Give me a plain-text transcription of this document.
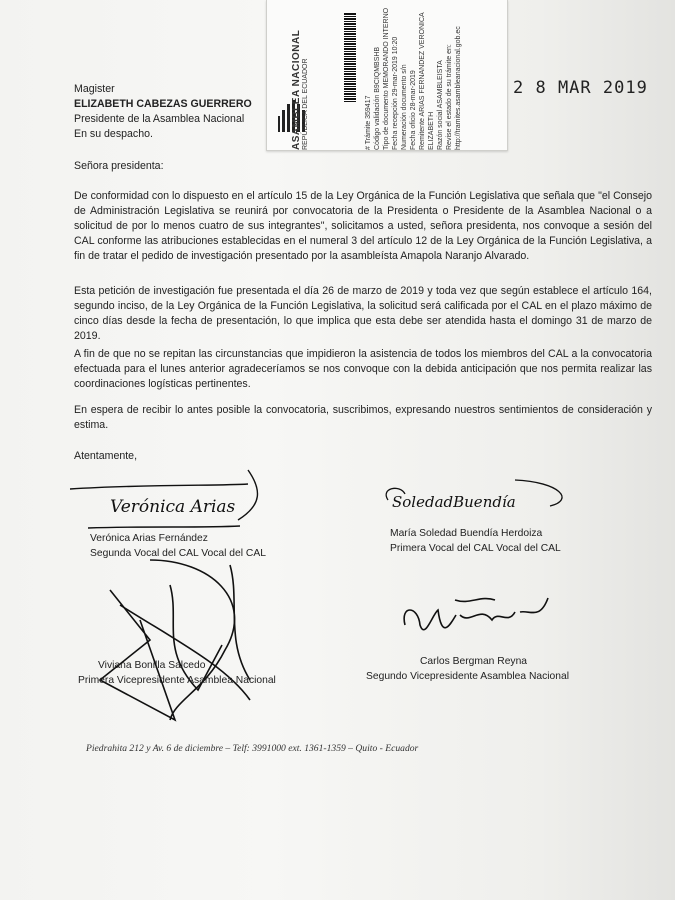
ASAMBLEA NACIONAL REPÚBLICA DEL ECUADOR	# Trámite 359417 Código validación B9CIQMBSHB Tipo de documento MEMORANDO INTERNO Fecha recepción 29-mar-2019 10:20 Numeración documento s/n Fecha oficio 28-mar-2019 Remitente ARIAS FERNANDEZ VERONICA ELIZABETH Razón social ASAMBLEISTA Revise el estado de su trámite en: http://tramites.asambleanacional.gob.ec	2 8 MAR 2019
Magister
ELIZABETH CABEZAS GUERRERO
Presidente de la Asamblea Nacional
En su despacho.
Señora presidenta:
De conformidad con lo dispuesto en el artículo 15 de la Ley Orgánica de la Función Legislativa que señala que "el Consejo de Administración Legislativa se reunirá por convocatoria de la Presidenta o Presidente de la Asamblea Nacional o a solicitud de por lo menos cuatro de sus integrantes", solicitamos a usted, señora presidenta, nos convoque a sesión del CAL conforme las atribuciones establecidas en el numeral 3 del artículo 12 de la Ley Orgánica de la Función Legislativa, a fin de tratar el pedido de investigación presentado por la asambleísta Amapola Naranjo Alvarado.
Esta petición de investigación fue presentada el día 26 de marzo de 2019 y toda vez que según establece el artículo 164, segundo inciso, de la Ley Orgánica de la Función Legislativa, la solicitud será calificada por el CAL en el plazo máximo de cinco días desde la fecha de presentación, lo que implica que esta debe ser atendida hasta el domingo 31 de marzo de 2019.
A fin de que no se repitan las circunstancias que impidieron la asistencia de todos los miembros del CAL a la convocatoria efectuada para el lunes anterior agradeceríamos se nos convoque con la debida anticipación que nos permita realizar las coordinaciones logísticas pertinentes.
En espera de recibir lo antes posible la convocatoria, suscribimos, expresando nuestros sentimientos de consideración y estima.
Atentamente,
Verónica Arias	SoledadBuendía
Verónica Arias Fernández
Segunda Vocal del CAL Vocal del CAL
María Soledad Buendía Herdoiza
Primera Vocal del CAL Vocal del CAL
Viviana Bonilla Salcedo
Primera Vicepresidente Asamblea Nacional
Carlos Bergman Reyna
Segundo Vicepresidente Asamblea Nacional
Piedrahita 212 y Av. 6 de diciembre – Telf: 3991000 ext. 1361-1359 – Quito - Ecuador
